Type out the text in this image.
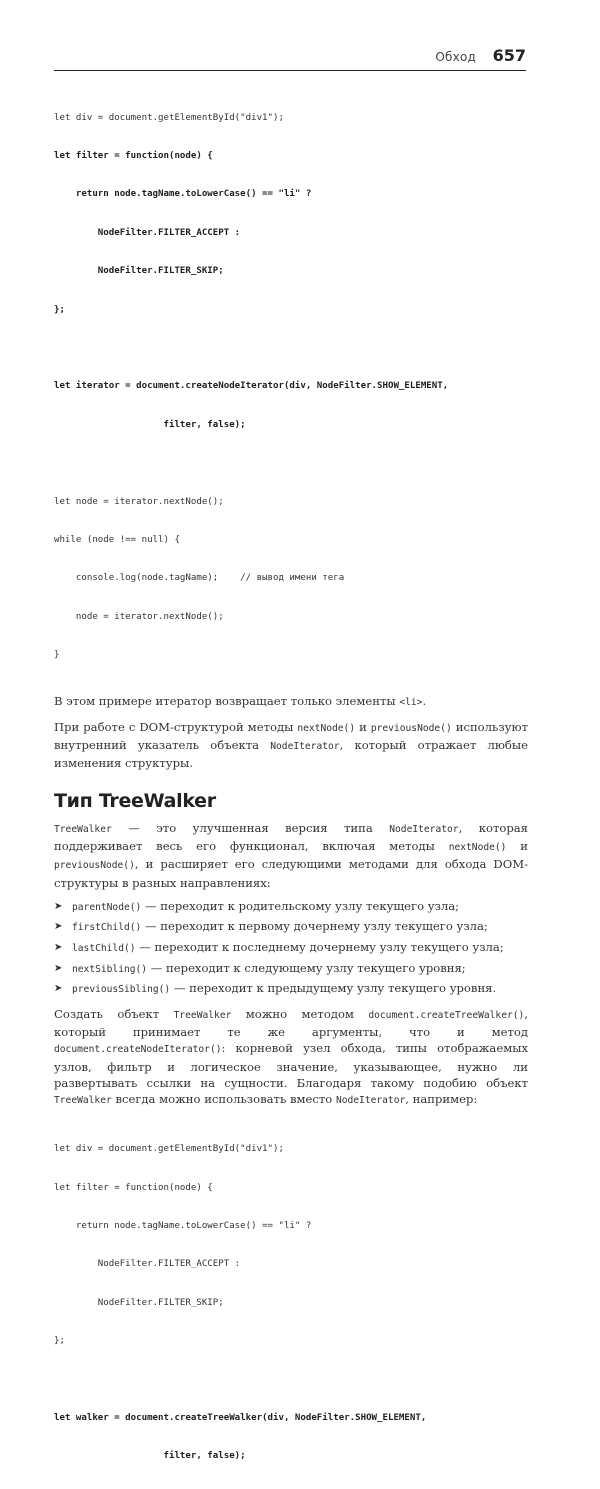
Обход 657

let div = document.getElementById("div1");

let filter = function(node) {

return node.tagName.toLowerCase() == "li" ?

NodeFilter.FILTER_ACCEPT :

NodeFilter.FILTER_SKIP;

};

let iterator = document.createNodeIterator(div, NodeFilter.SHOW_ELEMENT,

filter, false);

let node = iterator.nextNode();

while (node !== null) {

console.log(node.tagName);    // вывод имени тега

node = iterator.nextNode();

}

В этом примере итератор возвращает только элементы <li>.

При работе с DOM-структурой методы nextNode() и previousNode() используют внутренний указатель объекта NodeIterator, который отражает любые изменения структуры.

Тип TreeWalker

TreeWalker — это улучшенная версия типа NodeIterator, которая поддерживает весь его функционал, включая методы nextNode() и previousNode(), и расширяет его следующими методами для обхода DOM-структуры в разных направлениях:

➤ parentNode() — переходит к родительскому узлу текущего узла;
➤ firstChild() — переходит к первому дочернему узлу текущего узла;
➤ lastChild() — переходит к последнему дочернему узлу текущего узла;
➤ nextSibling() — переходит к следующему узлу текущего уровня;
➤ previousSibling() — переходит к предыдущему узлу текущего уровня.

Создать объект TreeWalker можно методом document.createTreeWalker(), который принимает те же аргументы, что и метод document.createNodeIterator(): корневой узел обхода, типы отображаемых узлов, фильтр и логическое значение, указывающее, нужно ли развертывать ссылки на сущности. Благодаря такому подобию объект TreeWalker всегда можно использовать вместо NodeIterator, например:

let div = document.getElementById("div1");

let filter = function(node) {

return node.tagName.toLowerCase() == "li" ?

NodeFilter.FILTER_ACCEPT :

NodeFilter.FILTER_SKIP;

};

let walker = document.createTreeWalker(div, NodeFilter.SHOW_ELEMENT,

filter, false);
